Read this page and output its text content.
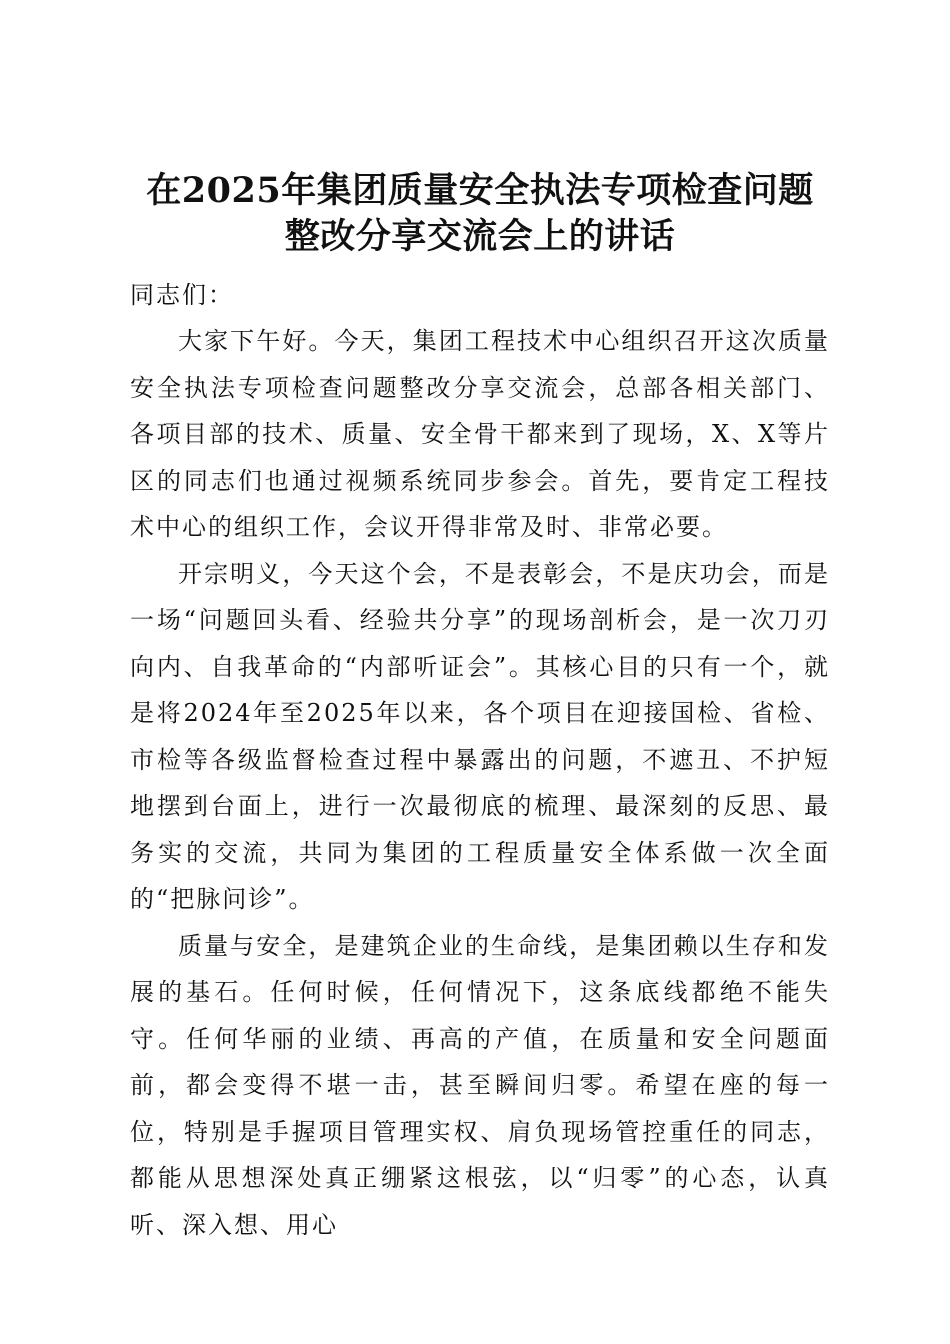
在2025年集团质量安全执法专项检查问题整改分享交流会上的讲话

同志们：

大家下午好。今天，集团工程技术中心组织召开这次质量安全执法专项检查问题整改分享交流会，总部各相关部门、各项目部的技术、质量、安全骨干都来到了现场，X、X等片区的同志们也通过视频系统同步参会。首先，要肯定工程技术中心的组织工作，会议开得非常及时、非常必要。

开宗明义，今天这个会，不是表彰会，不是庆功会，而是一场“问题回头看、经验共分享”的现场剖析会，是一次刀刃向内、自我革命的“内部听证会”。其核心目的只有一个，就是将2024年至2025年以来，各个项目在迎接国检、省检、市检等各级监督检查过程中暴露出的问题，不遮丑、不护短地摆到台面上，进行一次最彻底的梳理、最深刻的反思、最务实的交流，共同为集团的工程质量安全体系做一次全面的“把脉问诊”。

质量与安全，是建筑企业的生命线，是集团赖以生存和发展的基石。任何时候，任何情况下，这条底线都绝不能失守。任何华丽的业绩、再高的产值，在质量和安全问题面前，都会变得不堪一击，甚至瞬间归零。希望在座的每一位，特别是手握项目管理实权、肩负现场管控重任的同志，都能从思想深处真正绷紧这根弦，以“归零”的心态，认真听、深入想、用心
